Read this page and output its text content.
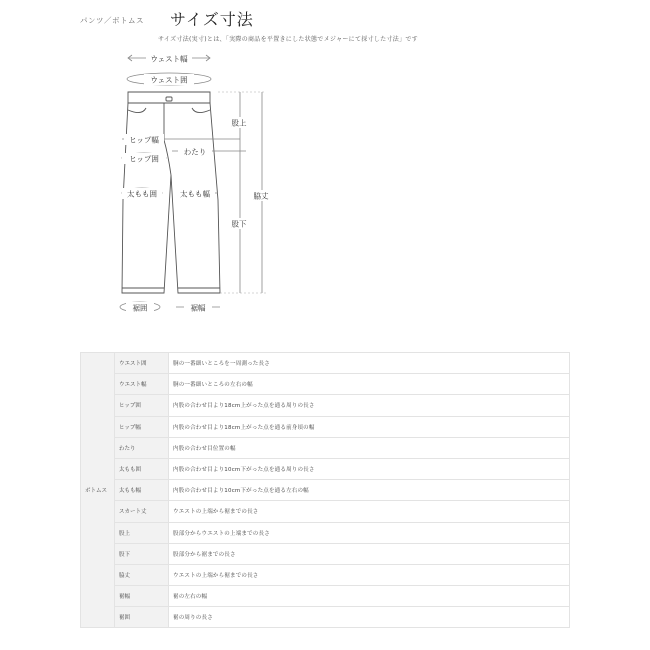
パンツ／ボトムス サイズ寸法
サイズ寸法(実寸)とは、「実際の商品を平置きにした状態でメジャーにて採寸した寸法」です
ウェスト幅
ウェスト囲
ヒップ幅
ヒップ囲
わたり
太もも囲	太もも幅
股上
股下
脇丈
裾囲	裾幅
ボトムス	ウエスト囲	胴の一番細いところを一周測った長さ
	ウエスト幅	胴の一番細いところの左右の幅
	ヒップ囲	内股の合わせ目より18cm上がった点を通る周りの長さ
	ヒップ幅	内股の合わせ目より18cm上がった点を通る前身頃の幅
	わたり	内股の合わせ目位置の幅
	太もも囲	内股の合わせ目より10cm下がった点を通る周りの長さ
	太もも幅	内股の合わせ目より10cm下がった点を通る左右の幅
	スカート丈	ウエストの上端から裾までの長さ
	股上	股部分からウエストの上端までの長さ
	股下	股部分から裾までの長さ
	脇丈	ウエストの上端から裾までの長さ
	裾幅	裾の左右の幅
	裾囲	裾の周りの長さ
